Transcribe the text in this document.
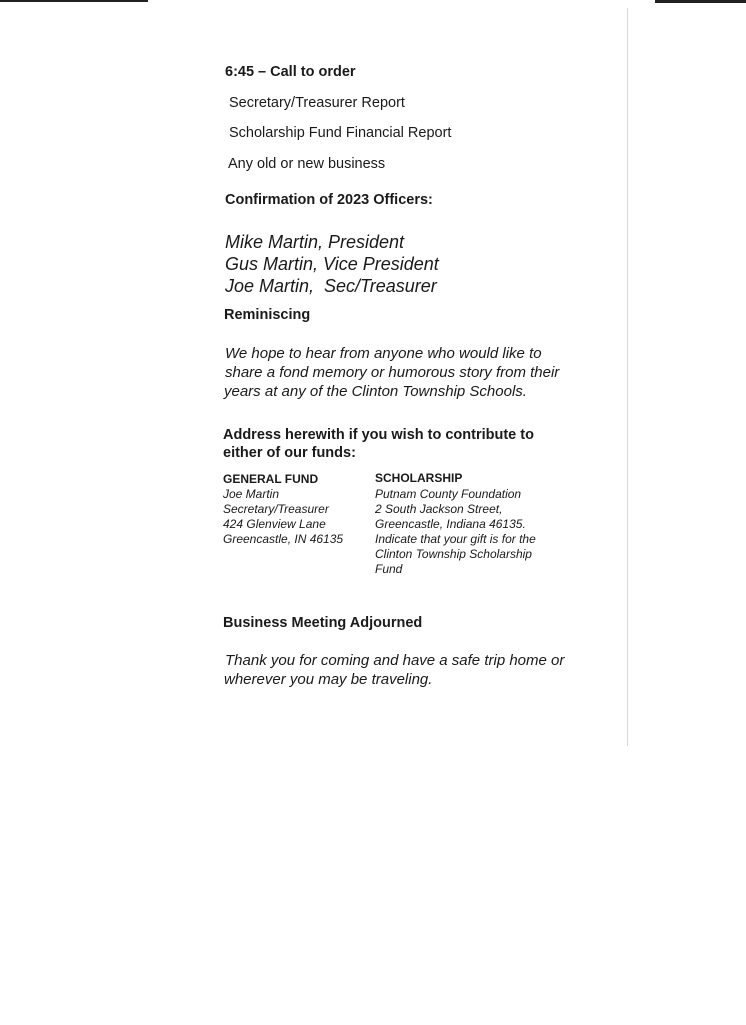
6:45 – Call to order

Secretary/Treasurer Report

Scholarship Fund Financial Report

Any old or new business

Confirmation of 2023 Officers:

Mike Martin, President

Gus Martin, Vice President

Joe Martin,  Sec/Treasurer

Reminiscing

We hope to hear from anyone who would like to

share a fond memory or humorous story from their

years at any of the Clinton Township Schools.

Address herewith if you wish to contribute to

either of our funds:

GENERAL FUND

Joe Martin

Secretary/Treasurer

424 Glenview Lane

Greencastle, IN 46135

SCHOLARSHIP

Putnam County Foundation

2 South Jackson Street,

Greencastle, Indiana 46135.

Indicate that your gift is for the

Clinton Township Scholarship

Fund

Business Meeting Adjourned

Thank you for coming and have a safe trip home or

wherever you may be traveling.
